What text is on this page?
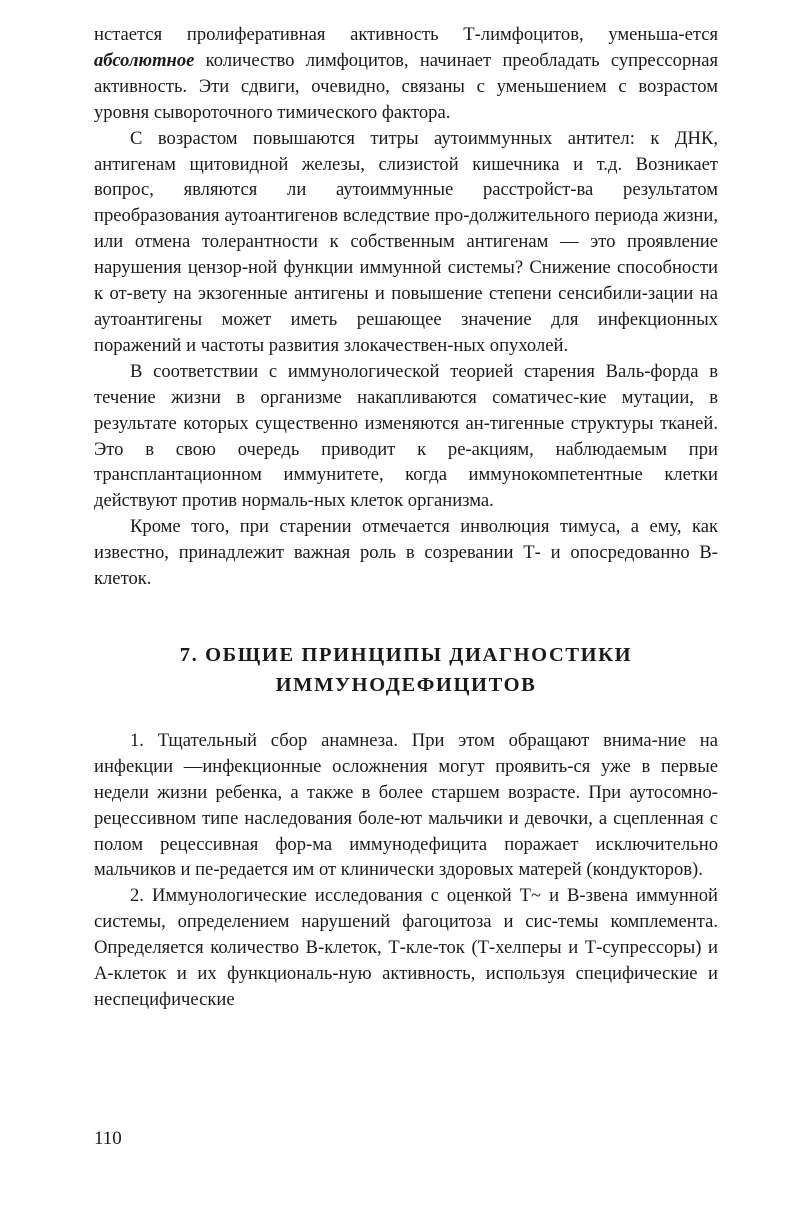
нстается пролиферативная активность Т-лимфоцитов, уменьша-ется абсолютное количество лимфоцитов, начинает преобладать супрессорная активность. Эти сдвиги, очевидно, связаны с уменьшением с возрастом уровня сывороточного тимического фактора.

С возрастом повышаются титры аутоиммунных антител: к ДНК, антигенам щитовидной железы, слизистой кишечника и т.д. Возникает вопрос, являются ли аутоиммунные расстройст-ва результатом преобразования аутоантигенов вследствие про-должительного периода жизни, или отмена толерантности к собственным антигенам — это проявление нарушения цензор-ной функции иммунной системы? Снижение способности к от-вету на экзогенные антигены и повышение степени сенсибили-зации на аутоантигены может иметь решающее значение для инфекционных поражений и частоты развития злокачествен-ных опухолей.

В соответствии с иммунологической теорией старения Валь-форда в течение жизни в организме накапливаются соматичес-кие мутации, в результате которых существенно изменяются ан-тигенные структуры тканей. Это в свою очередь приводит к ре-акциям, наблюдаемым при трансплантационном иммунитете, когда иммунокомпетентные клетки действуют против нормаль-ных клеток организма.

Кроме того, при старении отмечается инволюция тимуса, а ему, как известно, принадлежит важная роль в созревании Т- и опосредованно В-клеток.

7. ОБЩИЕ ПРИНЦИПЫ ДИАГНОСТИКИ
ИММУНОДЕФИЦИТОВ

1. Тщательный сбор анамнеза. При этом обращают внима-ние на инфекции —инфекционные осложнения могут проявить-ся уже в первые недели жизни ребенка, а также в более старшем возрасте. При аутосомно-рецессивном типе наследования боле-ют мальчики и девочки, а сцепленная с полом рецессивная фор-ма иммунодефицита поражает исключительно мальчиков и пе-редается им от клинически здоровых матерей (кондукторов).

2. Иммунологические исследования с оценкой Т~ и В-звена иммунной системы, определением нарушений фагоцитоза и сис-темы комплемента. Определяется количество В-клеток, Т-кле-ток (Т-хелперы и Т-супрессоры) и А-клеток и их функциональ-ную активность, используя специфические и неспецифические

110
